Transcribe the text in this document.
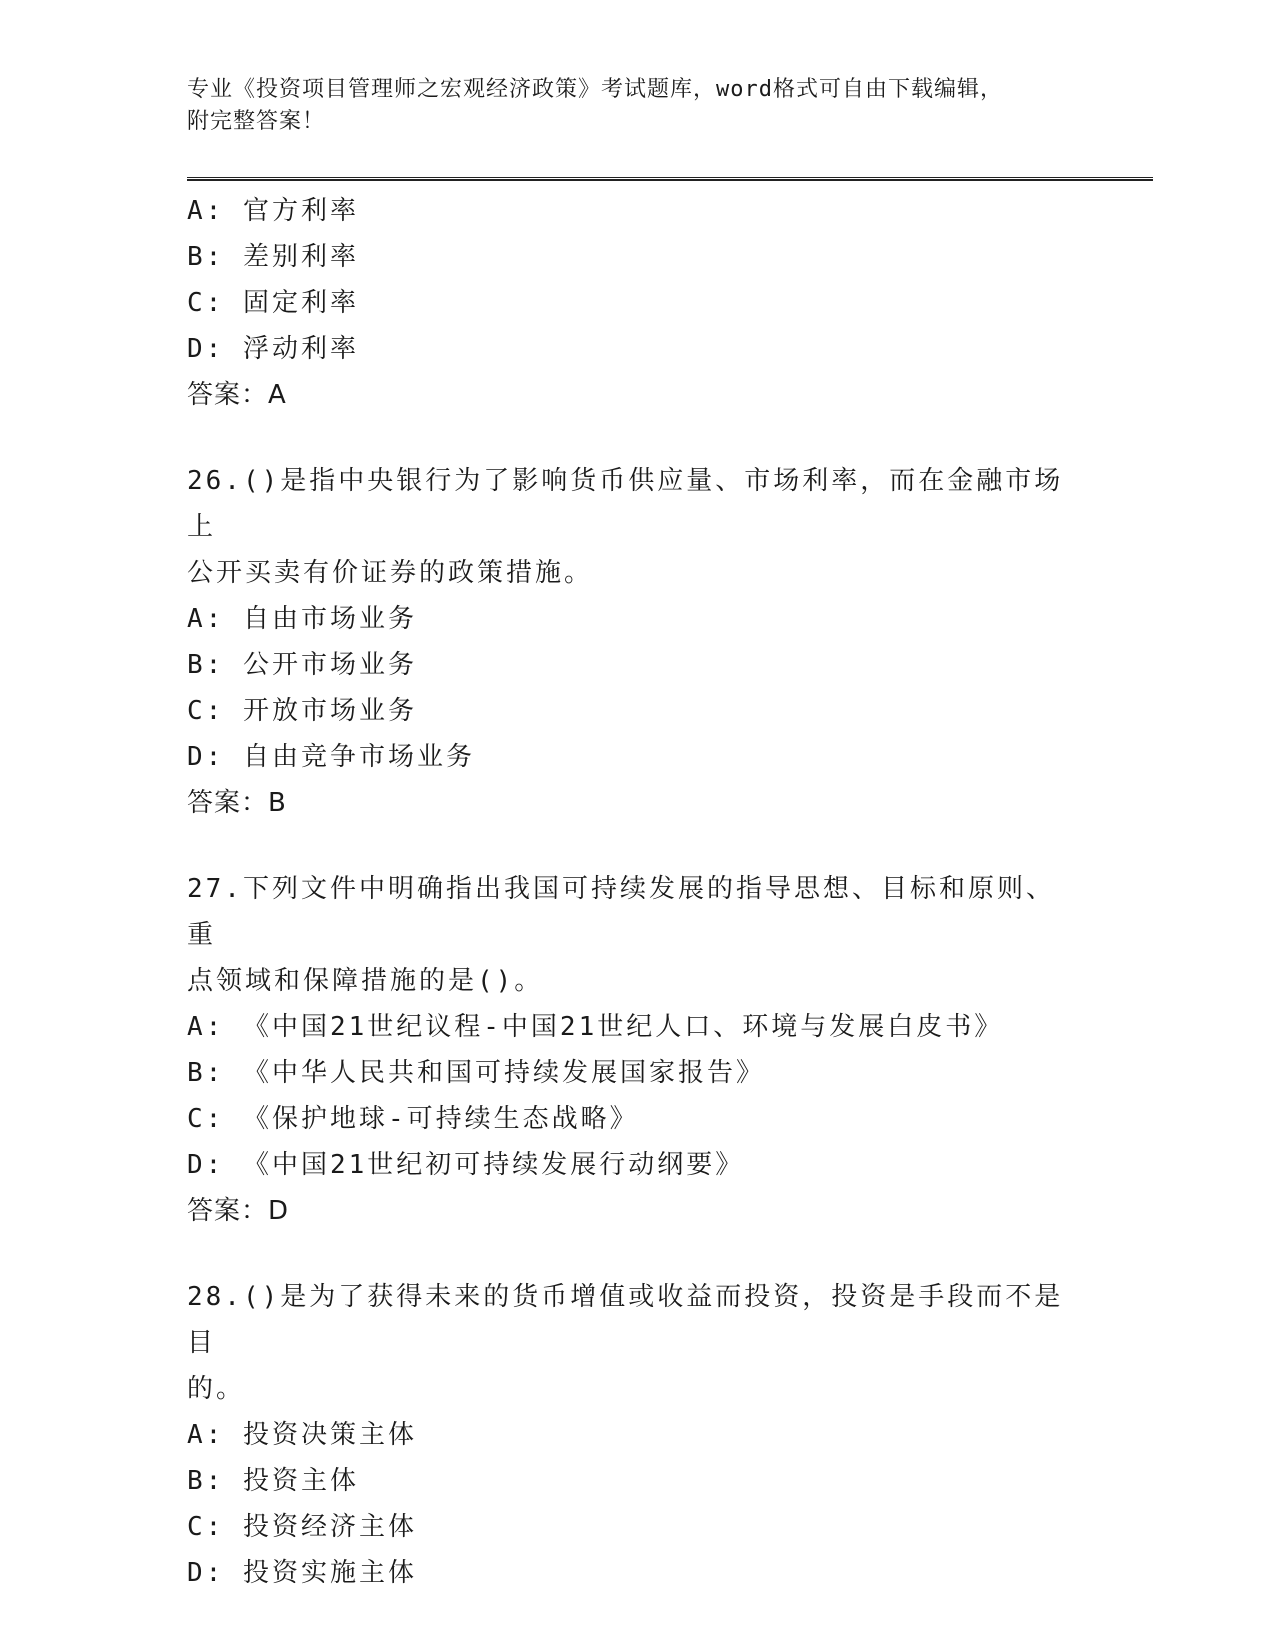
专业《投资项目管理师之宏观经济政策》考试题库，word格式可自由下载编辑，
附完整答案！
A: 官方利率
B: 差别利率
C: 固定利率
D: 浮动利率
答案：A
26.()是指中央银行为了影响货币供应量、市场利率，而在金融市场上
公开买卖有价证券的政策措施。
A: 自由市场业务
B: 公开市场业务
C: 开放市场业务
D: 自由竞争市场业务
答案：B
27.下列文件中明确指出我国可持续发展的指导思想、目标和原则、重
点领域和保障措施的是()。
A: 《中国21世纪议程-中国21世纪人口、环境与发展白皮书》
B: 《中华人民共和国可持续发展国家报告》
C: 《保护地球-可持续生态战略》
D: 《中国21世纪初可持续发展行动纲要》
答案：D
28.()是为了获得未来的货币增值或收益而投资，投资是手段而不是目
的。
A: 投资决策主体
B: 投资主体
C: 投资经济主体
D: 投资实施主体
